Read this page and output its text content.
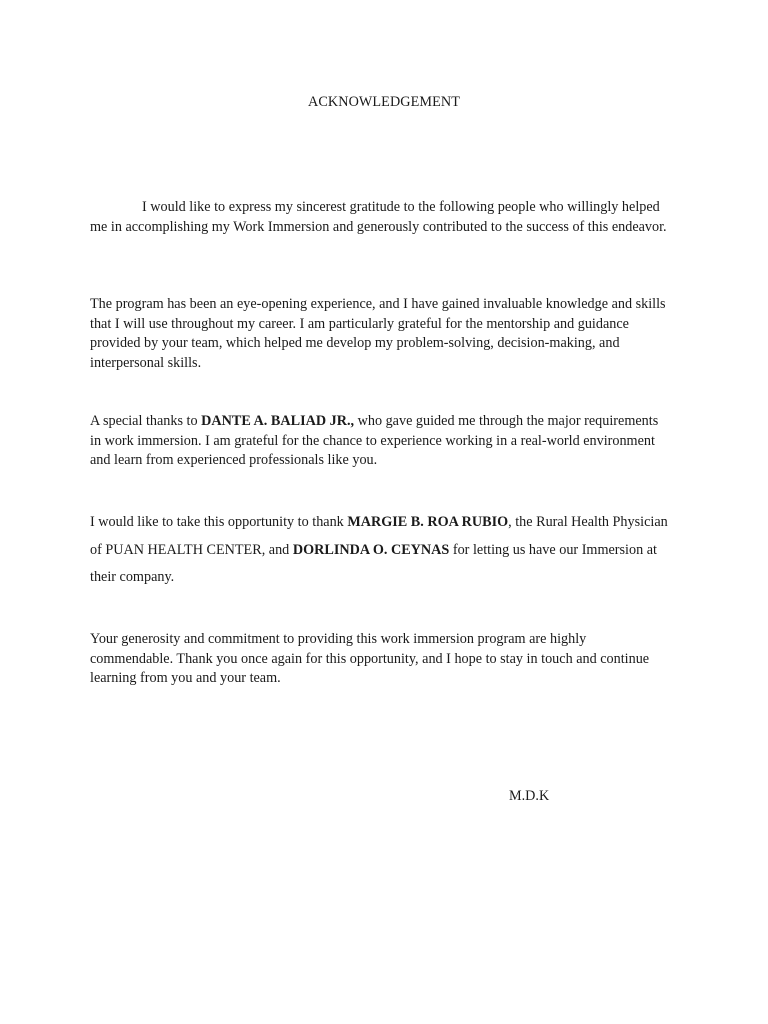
ACKNOWLEDGEMENT

I would like to express my sincerest gratitude to the following people who willingly helped me in accomplishing my Work Immersion and generously contributed to the success of this endeavor.

The program has been an eye-opening experience, and I have gained invaluable knowledge and skills that I will use throughout my career. I am particularly grateful for the mentorship and guidance provided by your team, which helped me develop my problem-solving, decision-making, and interpersonal skills.

A special thanks to DANTE A. BALIAD JR., who gave guided me through the major requirements in work immersion. I am grateful for the chance to experience working in a real-world environment and learn from experienced professionals like you.

I would like to take this opportunity to thank MARGIE B. ROA RUBIO, the Rural Health Physician of PUAN HEALTH CENTER, and DORLINDA O. CEYNAS for letting us have our Immersion at their company.

Your generosity and commitment to providing this work immersion program are highly commendable. Thank you once again for this opportunity, and I hope to stay in touch and continue learning from you and your team.

M.D.K
